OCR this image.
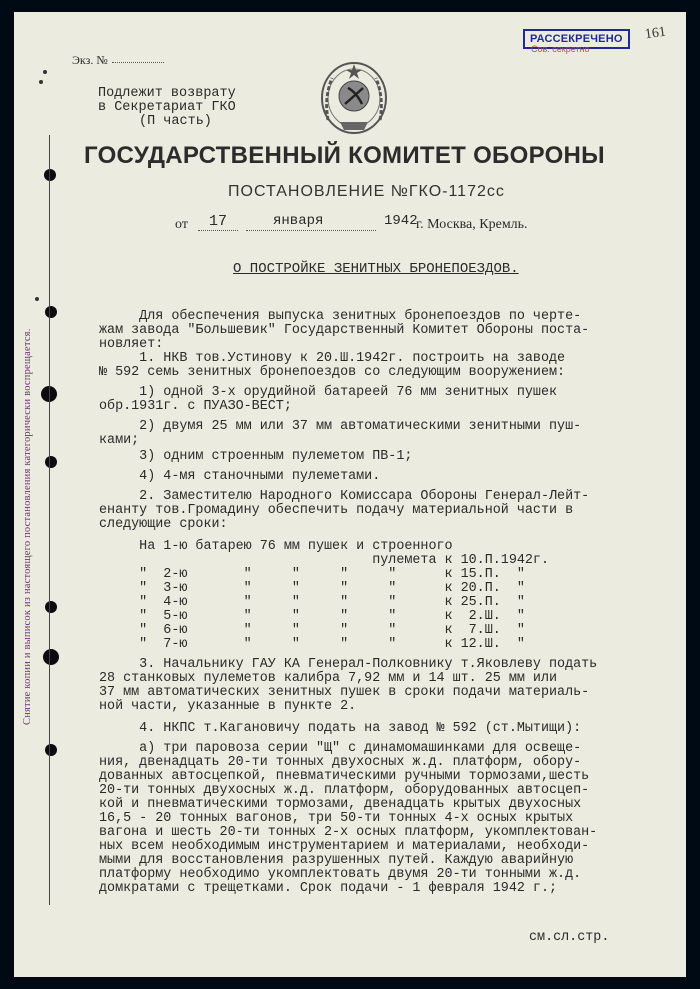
Снятие копии и выписок из настоящего постановления категорически воспрещается.
Экз. №
Подлежит возврату
в Секретариат ГКО
(П часть)
РАССЕКРЕЧЕНО
Сов. секретно
161
ГОСУДАРСТВЕННЫЙ КОМИТЕТ ОБОРОНЫ
ПОСТАНОВЛЕНИЕ №ГКО-1172сс
от 17	января	1942
г. Москва, Кремль.
О ПОСТРОЙКЕ ЗЕНИТНЫХ БРОНЕПОЕЗДОВ.
Для обеспечения выпуска зенитных бронепоездов по черте-
жам завода "Большевик" Государственный Комитет Обороны поста-
новляет:
1. НКВ тов.Устинову к 20.Ш.1942г. построить на заводе
№ 592 семь зенитных бронепоездов со следующим вооружением:
1) одной 3-х орудийной батареей 76 мм зенитных пушек
обр.1931г. с ПУАЗО-ВЕСТ;
2) двумя 25 мм или 37 мм автоматическими зенитными пуш-
ками;
3) одним строенным пулеметом ПВ-1;
4) 4-мя станочными пулеметами.
2. Заместителю Народного Комиссара Обороны Генерал-Лейт-
енанту тов.Громадину обеспечить подачу материальной части в
следующие сроки:
На 1-ю батарею 76 мм пушек и строенного
пулемета к 10.П.1942г.
"  2-ю       "     "     "     "      к 15.П.  "
"  3-ю       "     "     "     "      к 20.П.  "
"  4-ю       "     "     "     "      к 25.П.  "
"  5-ю       "     "     "     "      к  2.Ш.  "
"  6-ю       "     "     "     "      к  7.Ш.  "
"  7-ю       "     "     "     "      к 12.Ш.  "
3. Начальнику ГАУ КА Генерал-Полковнику т.Яковлеву подать
28 станковых пулеметов калибра 7,92 мм и 14 шт. 25 мм или
37 мм автоматических зенитных пушек в сроки подачи материаль-
ной части, указанные в пункте 2.
4. НКПС т.Кагановичу подать на завод № 592 (ст.Мытищи):
а) три паровоза серии "Щ" с динамомашинками для освеще-
ния, двенадцать 20-ти тонных двухосных ж.д. платформ, обору-
дованных автосцепкой, пневматическими ручными тормозами,шесть
20-ти тонных двухосных ж.д. платформ, оборудованных автосцеп-
кой и пневматическими тормозами, двенадцать крытых двухосных
16,5 - 20 тонных вагонов, три 50-ти тонных 4-х осных крытых
вагона и шесть 20-ти тонных 2-х осных платформ, укомплектован-
ных всем необходимым инструментарием и материалами, необходи-
мыми для восстановления разрушенных путей. Каждую аварийную
платформу необходимо укомплектовать двумя 20-ти тонными ж.д.
домкратами с трещетками. Срок подачи - 1 февраля 1942 г.;
см.сл.стр.
